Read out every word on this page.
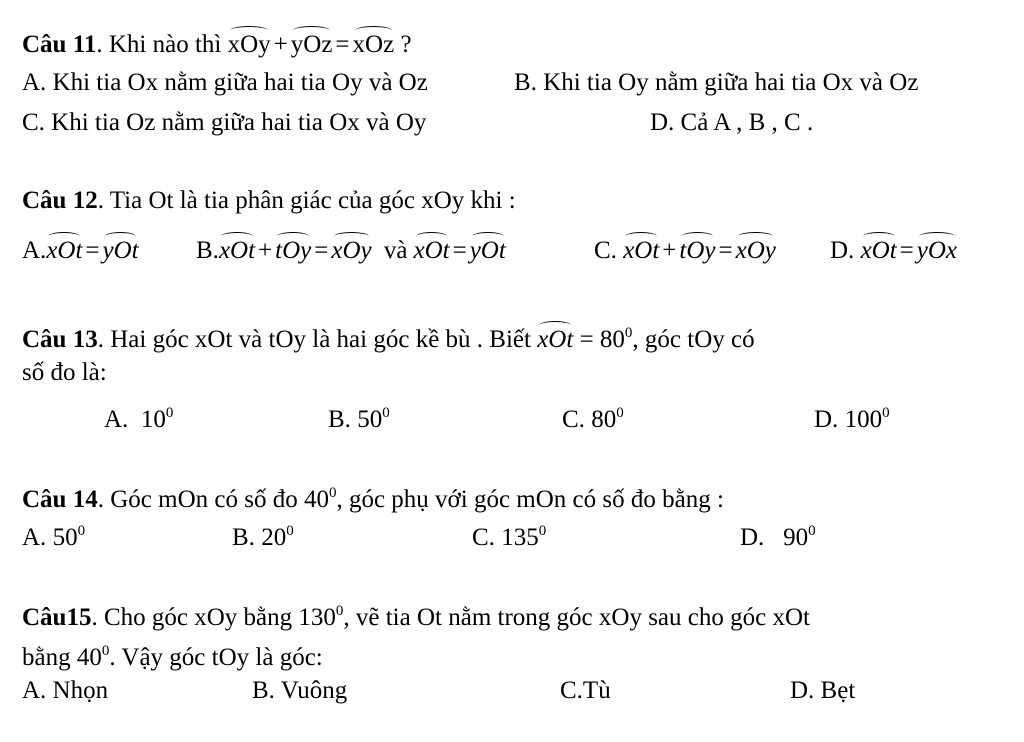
Câu 11. Khi nào thì xOy + yOz = xOz ?
A. Khi tia Ox nằm giữa hai tia Oy và Oz	B. Khi tia Oy nằm giữa hai tia Ox và Oz
C. Khi tia Oz nằm giữa hai tia Ox và Oy	D. Cả A , B , C .
Câu 12. Tia Ot là tia phân giác của góc xOy khi :
A.xOt = yOt B.xOt + tOy = xOy và xOt = yOt	C. xOt + tOy = xOy D. xOt = yOx
Câu 13. Hai góc xOt và tOy là hai góc kề bù . Biết xOt = $80^0$, góc tOy có
số đo là:
A. $10^0$	B. $50^0$	C. $80^0$	D. $100^0$
Câu 14. Góc mOn có số đo $40^0$, góc phụ với góc mOn có số đo bằng :
A. $50^0$	B. $20^0$	C. $135^0$	D. $90^0$
Câu15. Cho góc xOy bằng $130^0$, vẽ tia Ot nằm trong góc xOy sau cho góc xOt
bằng $40^0$. Vậy góc tOy là góc:
A. Nhọn	B. Vuông	C.Tù	D. Bẹt
